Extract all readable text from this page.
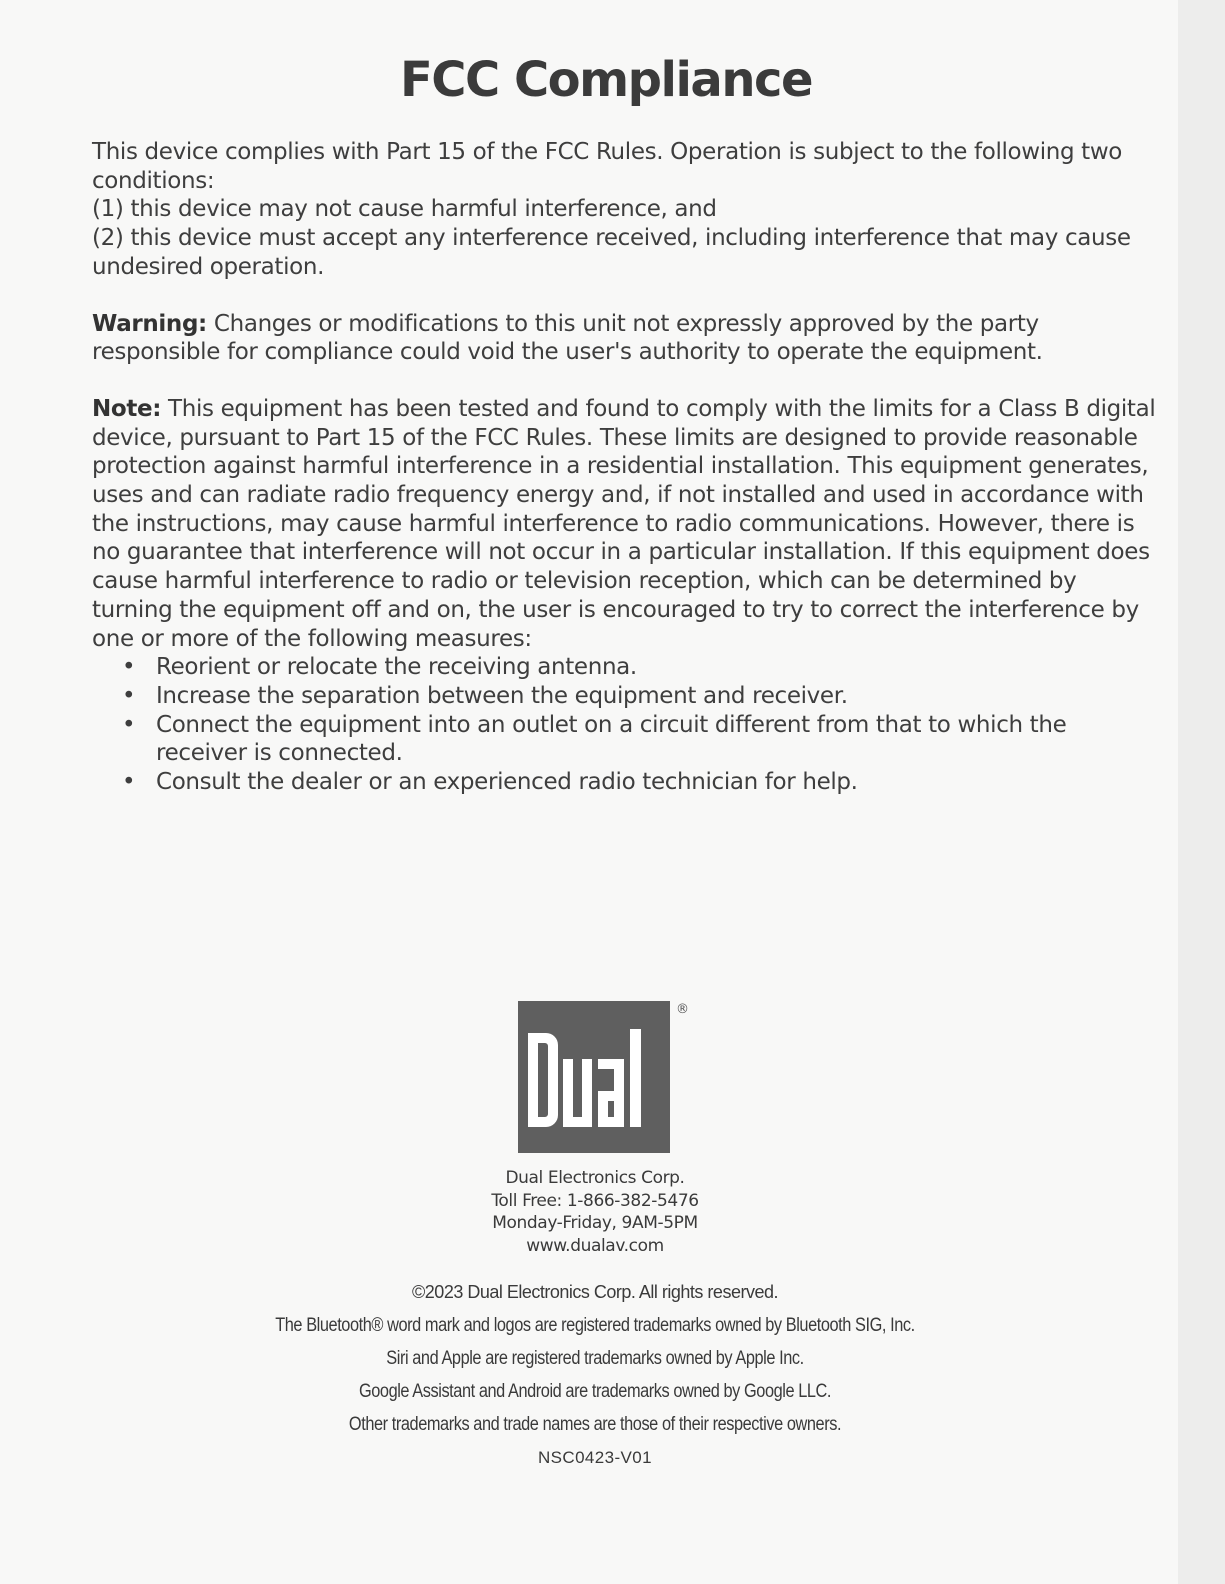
FCC Compliance

This device complies with Part 15 of the FCC Rules. Operation is subject to the following two conditions:

(1) this device may not cause harmful interference, and

(2) this device must accept any interference received, including interference that may cause undesired operation.

Warning: Changes or modifications to this unit not expressly approved by the party responsible for compliance could void the user's authority to operate the equipment.

Note: This equipment has been tested and found to comply with the limits for a Class B digital device, pursuant to Part 15 of the FCC Rules. These limits are designed to provide reasonable protection against harmful interference in a residential installation. This equipment generates, uses and can radiate radio frequency energy and, if not installed and used in accordance with the instructions, may cause harmful interference to radio communications. However, there is no guarantee that interference will not occur in a particular installation. If this equipment does cause harmful interference to radio or television reception, which can be determined by turning the equipment off and on, the user is encouraged to try to correct the interference by one or more of the following measures:

• Reorient or relocate the receiving antenna.
• Increase the separation between the equipment and receiver.
• Connect the equipment into an outlet on a circuit different from that to which the receiver is connected.
• Consult the dealer or an experienced radio technician for help.
®

Dual Electronics Corp.

Toll Free: 1-866-382-5476

Monday-Friday, 9AM-5PM

www.dualav.com

©2023 Dual Electronics Corp. All rights reserved.

The Bluetooth® word mark and logos are registered trademarks owned by Bluetooth SIG, Inc.

Siri and Apple are registered trademarks owned by Apple Inc.

Google Assistant and Android are trademarks owned by Google LLC.

Other trademarks and trade names are those of their respective owners.

NSC0423-V01
